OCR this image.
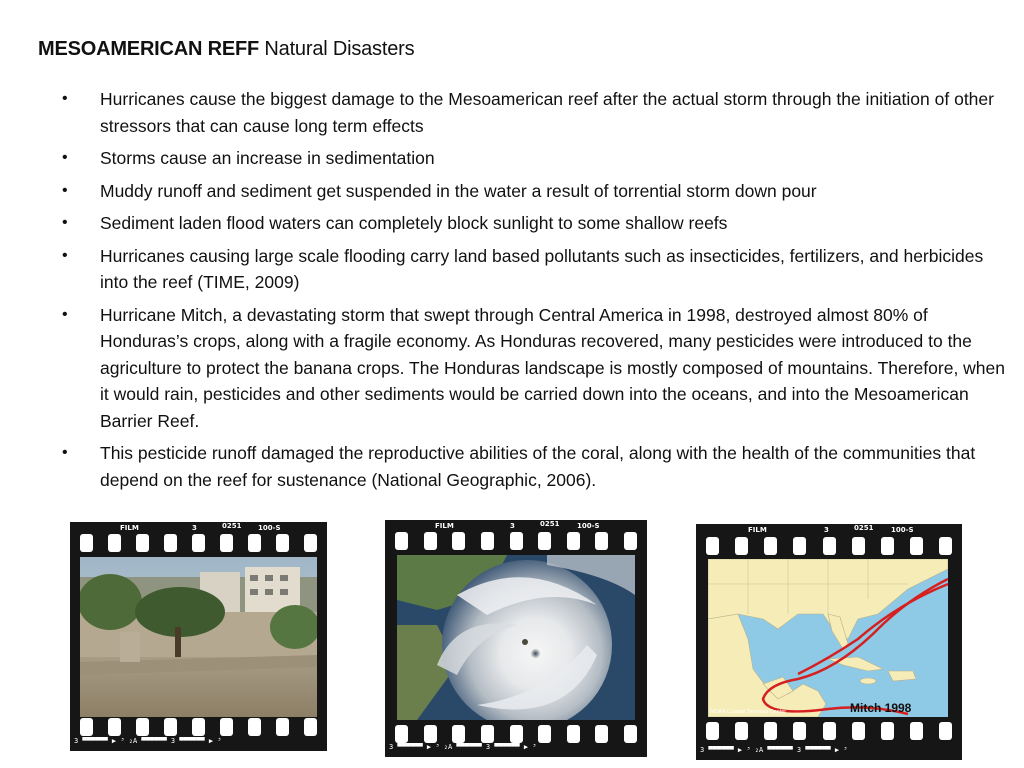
MESOAMERICAN REFF Natural Disasters
• Hurricanes cause the biggest damage to the Mesoamerican reef after the actual storm through the initiation of other stressors that can cause long term effects
• Storms cause an increase in sedimentation
• Muddy runoff and sediment get suspended in the water a result of torrential storm down pour
• Sediment laden flood waters can completely block sunlight to some shallow reefs
• Hurricanes causing large scale flooding carry land based pollutants such as insecticides, fertilizers, and herbicides into the reef (TIME, 2009)
• Hurricane Mitch, a devastating storm that swept through Central America in 1998, destroyed almost 80% of Honduras’s crops, along with a fragile economy. As Honduras recovered, many pesticides were introduced to the agriculture to protect the banana crops. The Honduras landscape is mostly composed of mountains. Therefore, when it would rain, pesticides and other sediments would be carried down into the oceans, and into the Mesoamerican Barrier Reef.
• This pesticide runoff damaged the reproductive abilities of the coral, along with the health of the communities that depend on the reef for sustenance (National Geographic, 2006).
FILM	3	0251 100-S
3 ▀▀▀▀▀▀ ▶ ³ ₂A ▀▀▀▀▀▀ 3 ▀▀▀▀▀▀ ▶ ³
FILM	3	0251	100-S
3 ▀▀▀▀▀▀ ▶ ³ ₂A ▀▀▀▀▀▀ 3 ▀▀▀▀▀▀ ▶ ³
FILM	3	0251	100-S
Mitch 1998
NOAA Coastal Services Center
3 ▀▀▀▀▀▀ ▶ ³ ₂A ▀▀▀▀▀▀ 3 ▀▀▀▀▀▀ ▶ ³
